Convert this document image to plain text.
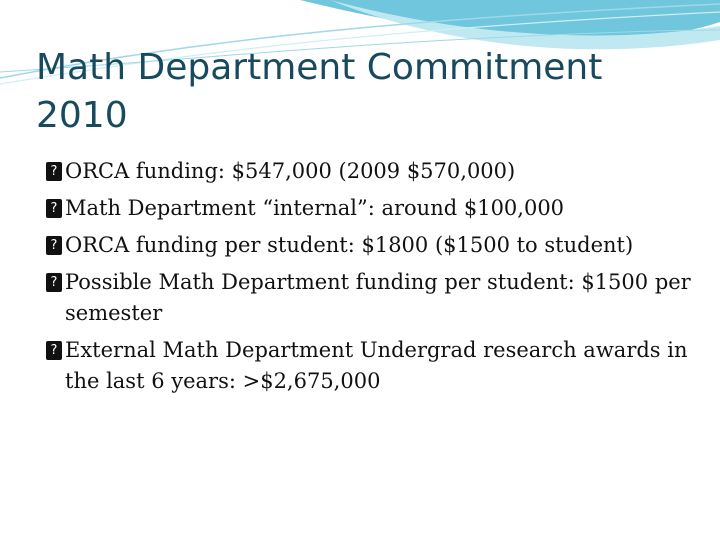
Math Department Commitment
2010
? ORCA funding: $547,000 (2009 $570,000)
? Math Department “internal”: around $100,000
? ORCA funding per student: $1800 ($1500 to student)
? Possible Math Department funding per student: $1500 per semester
? External Math Department Undergrad research awards in the last 6 years: >$2,675,000
